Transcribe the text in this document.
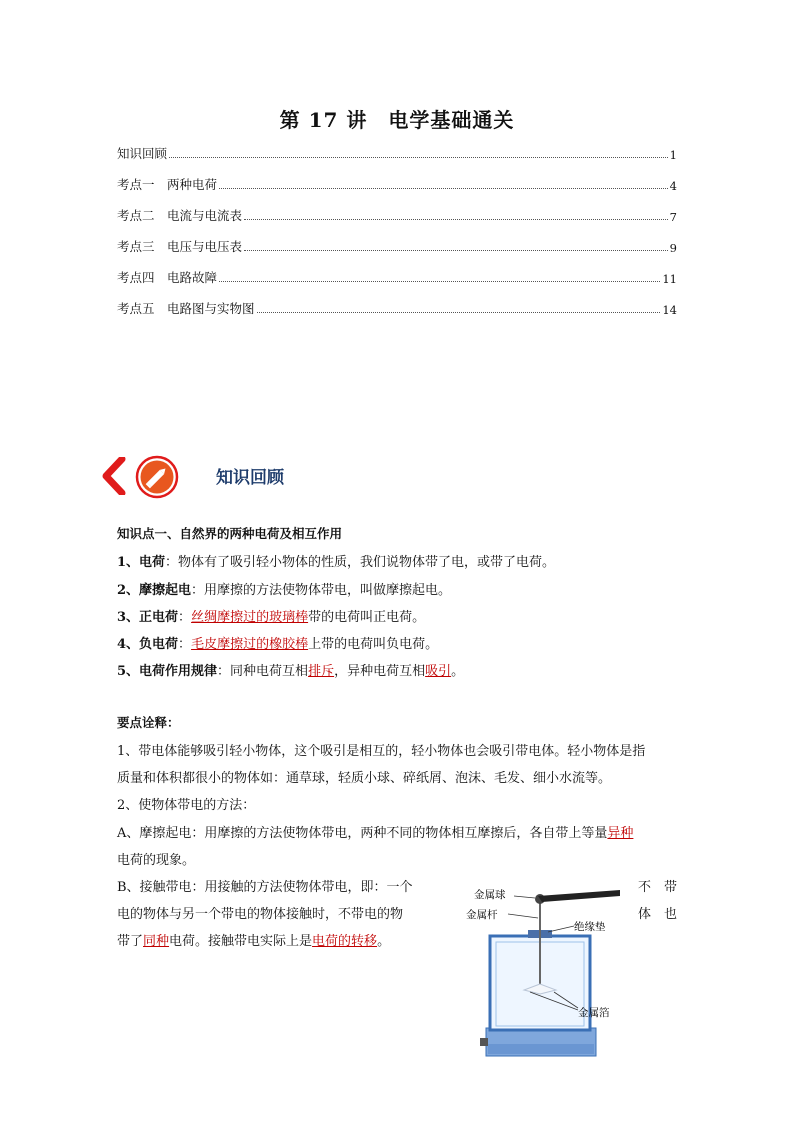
第 17 讲　电学基础通关
知识回顾	1
考点一　两种电荷	4
考点二　电流与电流表	7
考点三　电压与电压表	9
考点四　电路故障	11
考点五　电路图与实物图	14
知识回顾
知识点一、自然界的两种电荷及相互作用
1、电荷：物体有了吸引轻小物体的性质，我们说物体带了电，或带了电荷。
2、摩擦起电：用摩擦的方法使物体带电，叫做摩擦起电。
3、正电荷：丝绸摩擦过的玻璃棒带的电荷叫正电荷。
4、负电荷：毛皮摩擦过的橡胶棒上带的电荷叫负电荷。
5、电荷作用规律：同种电荷互相排斥，异种电荷互相吸引。
要点诠释：
1、带电体能够吸引轻小物体，这个吸引是相互的，轻小物体也会吸引带电体。轻小物体是指
质量和体积都很小的物体如：通草球，轻质小球、碎纸屑、泡沫、毛发、细小水流等。
2、使物体带电的方法：
A、摩擦起电：用摩擦的方法使物体带电，两种不同的物体相互摩擦后，各自带上等量异种
电荷的现象。
B、接触带电：用接触的方法使物体带电，即：一个	不　带
电的物体与另一个带电的物体接触时，不带电的物	体　也
带了同种电荷。接触带电实际上是电荷的转移。
金属球
金属杆
绝缘垫
金属箔
